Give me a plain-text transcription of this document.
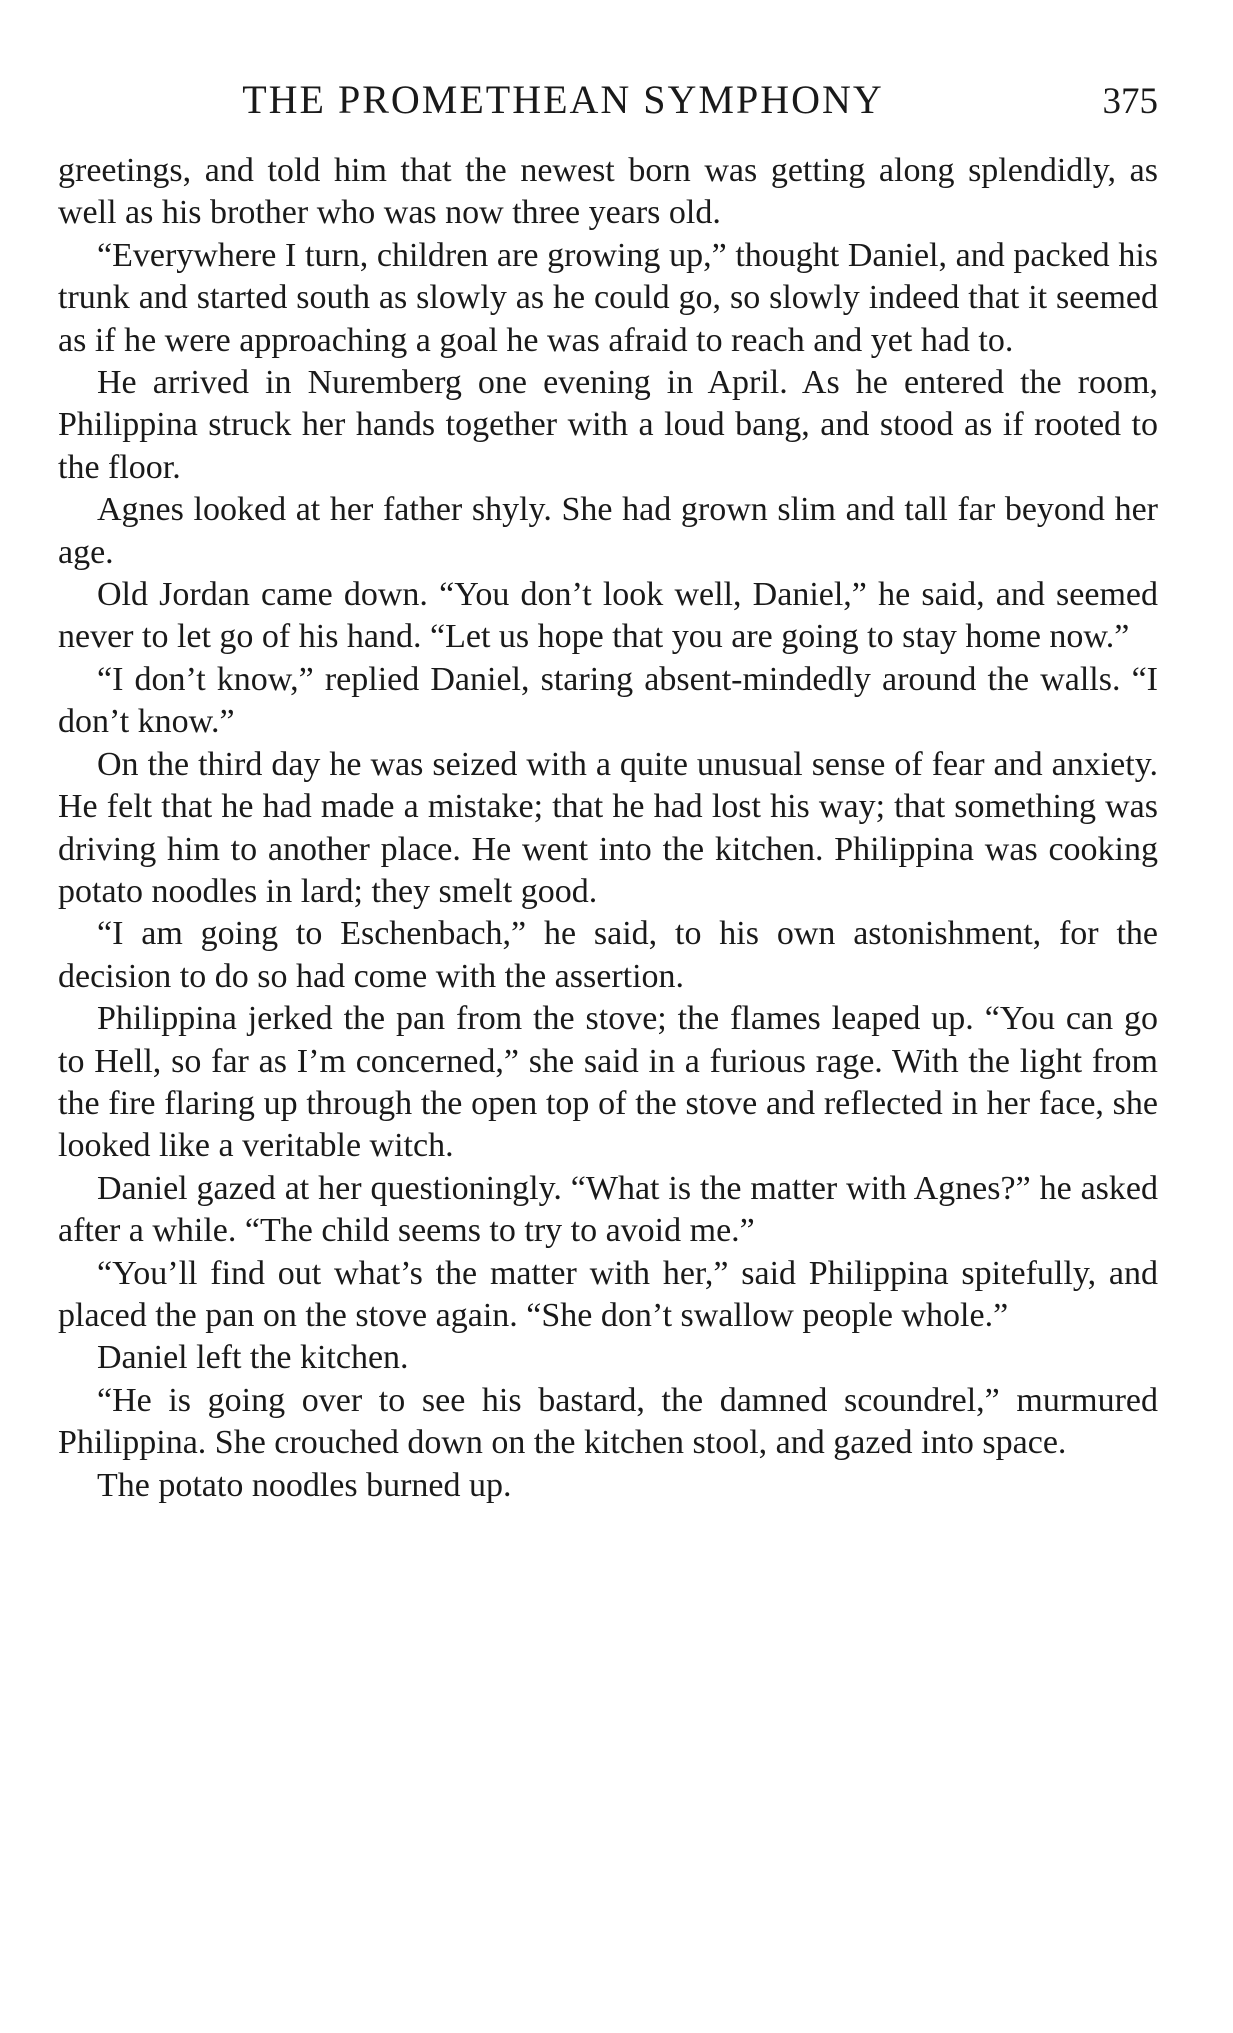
THE PROMETHEAN SYMPHONY	375

greetings, and told him that the newest born was getting along splendidly, as well as his brother who was now three years old.

“Everywhere I turn, children are growing up,” thought Daniel, and packed his trunk and started south as slowly as he could go, so slowly indeed that it seemed as if he were approaching a goal he was afraid to reach and yet had to.

He arrived in Nuremberg one evening in April. As he entered the room, Philippina struck her hands together with a loud bang, and stood as if rooted to the floor.

Agnes looked at her father shyly. She had grown slim and tall far beyond her age.

Old Jordan came down. “You don’t look well, Daniel,” he said, and seemed never to let go of his hand. “Let us hope that you are going to stay home now.”

“I don’t know,” replied Daniel, staring absent-mindedly around the walls. “I don’t know.”

On the third day he was seized with a quite unusual sense of fear and anxiety. He felt that he had made a mistake; that he had lost his way; that something was driving him to another place. He went into the kitchen. Philippina was cooking potato noodles in lard; they smelt good.

“I am going to Eschenbach,” he said, to his own astonishment, for the decision to do so had come with the assertion.

Philippina jerked the pan from the stove; the flames leaped up. “You can go to Hell, so far as I’m concerned,” she said in a furious rage. With the light from the fire flaring up through the open top of the stove and reflected in her face, she looked like a veritable witch.

Daniel gazed at her questioningly. “What is the matter with Agnes?” he asked after a while. “The child seems to try to avoid me.”

“You’ll find out what’s the matter with her,” said Philippina spitefully, and placed the pan on the stove again. “She don’t swallow people whole.”

Daniel left the kitchen.

“He is going over to see his bastard, the damned scoundrel,” murmured Philippina. She crouched down on the kitchen stool, and gazed into space.

The potato noodles burned up.
